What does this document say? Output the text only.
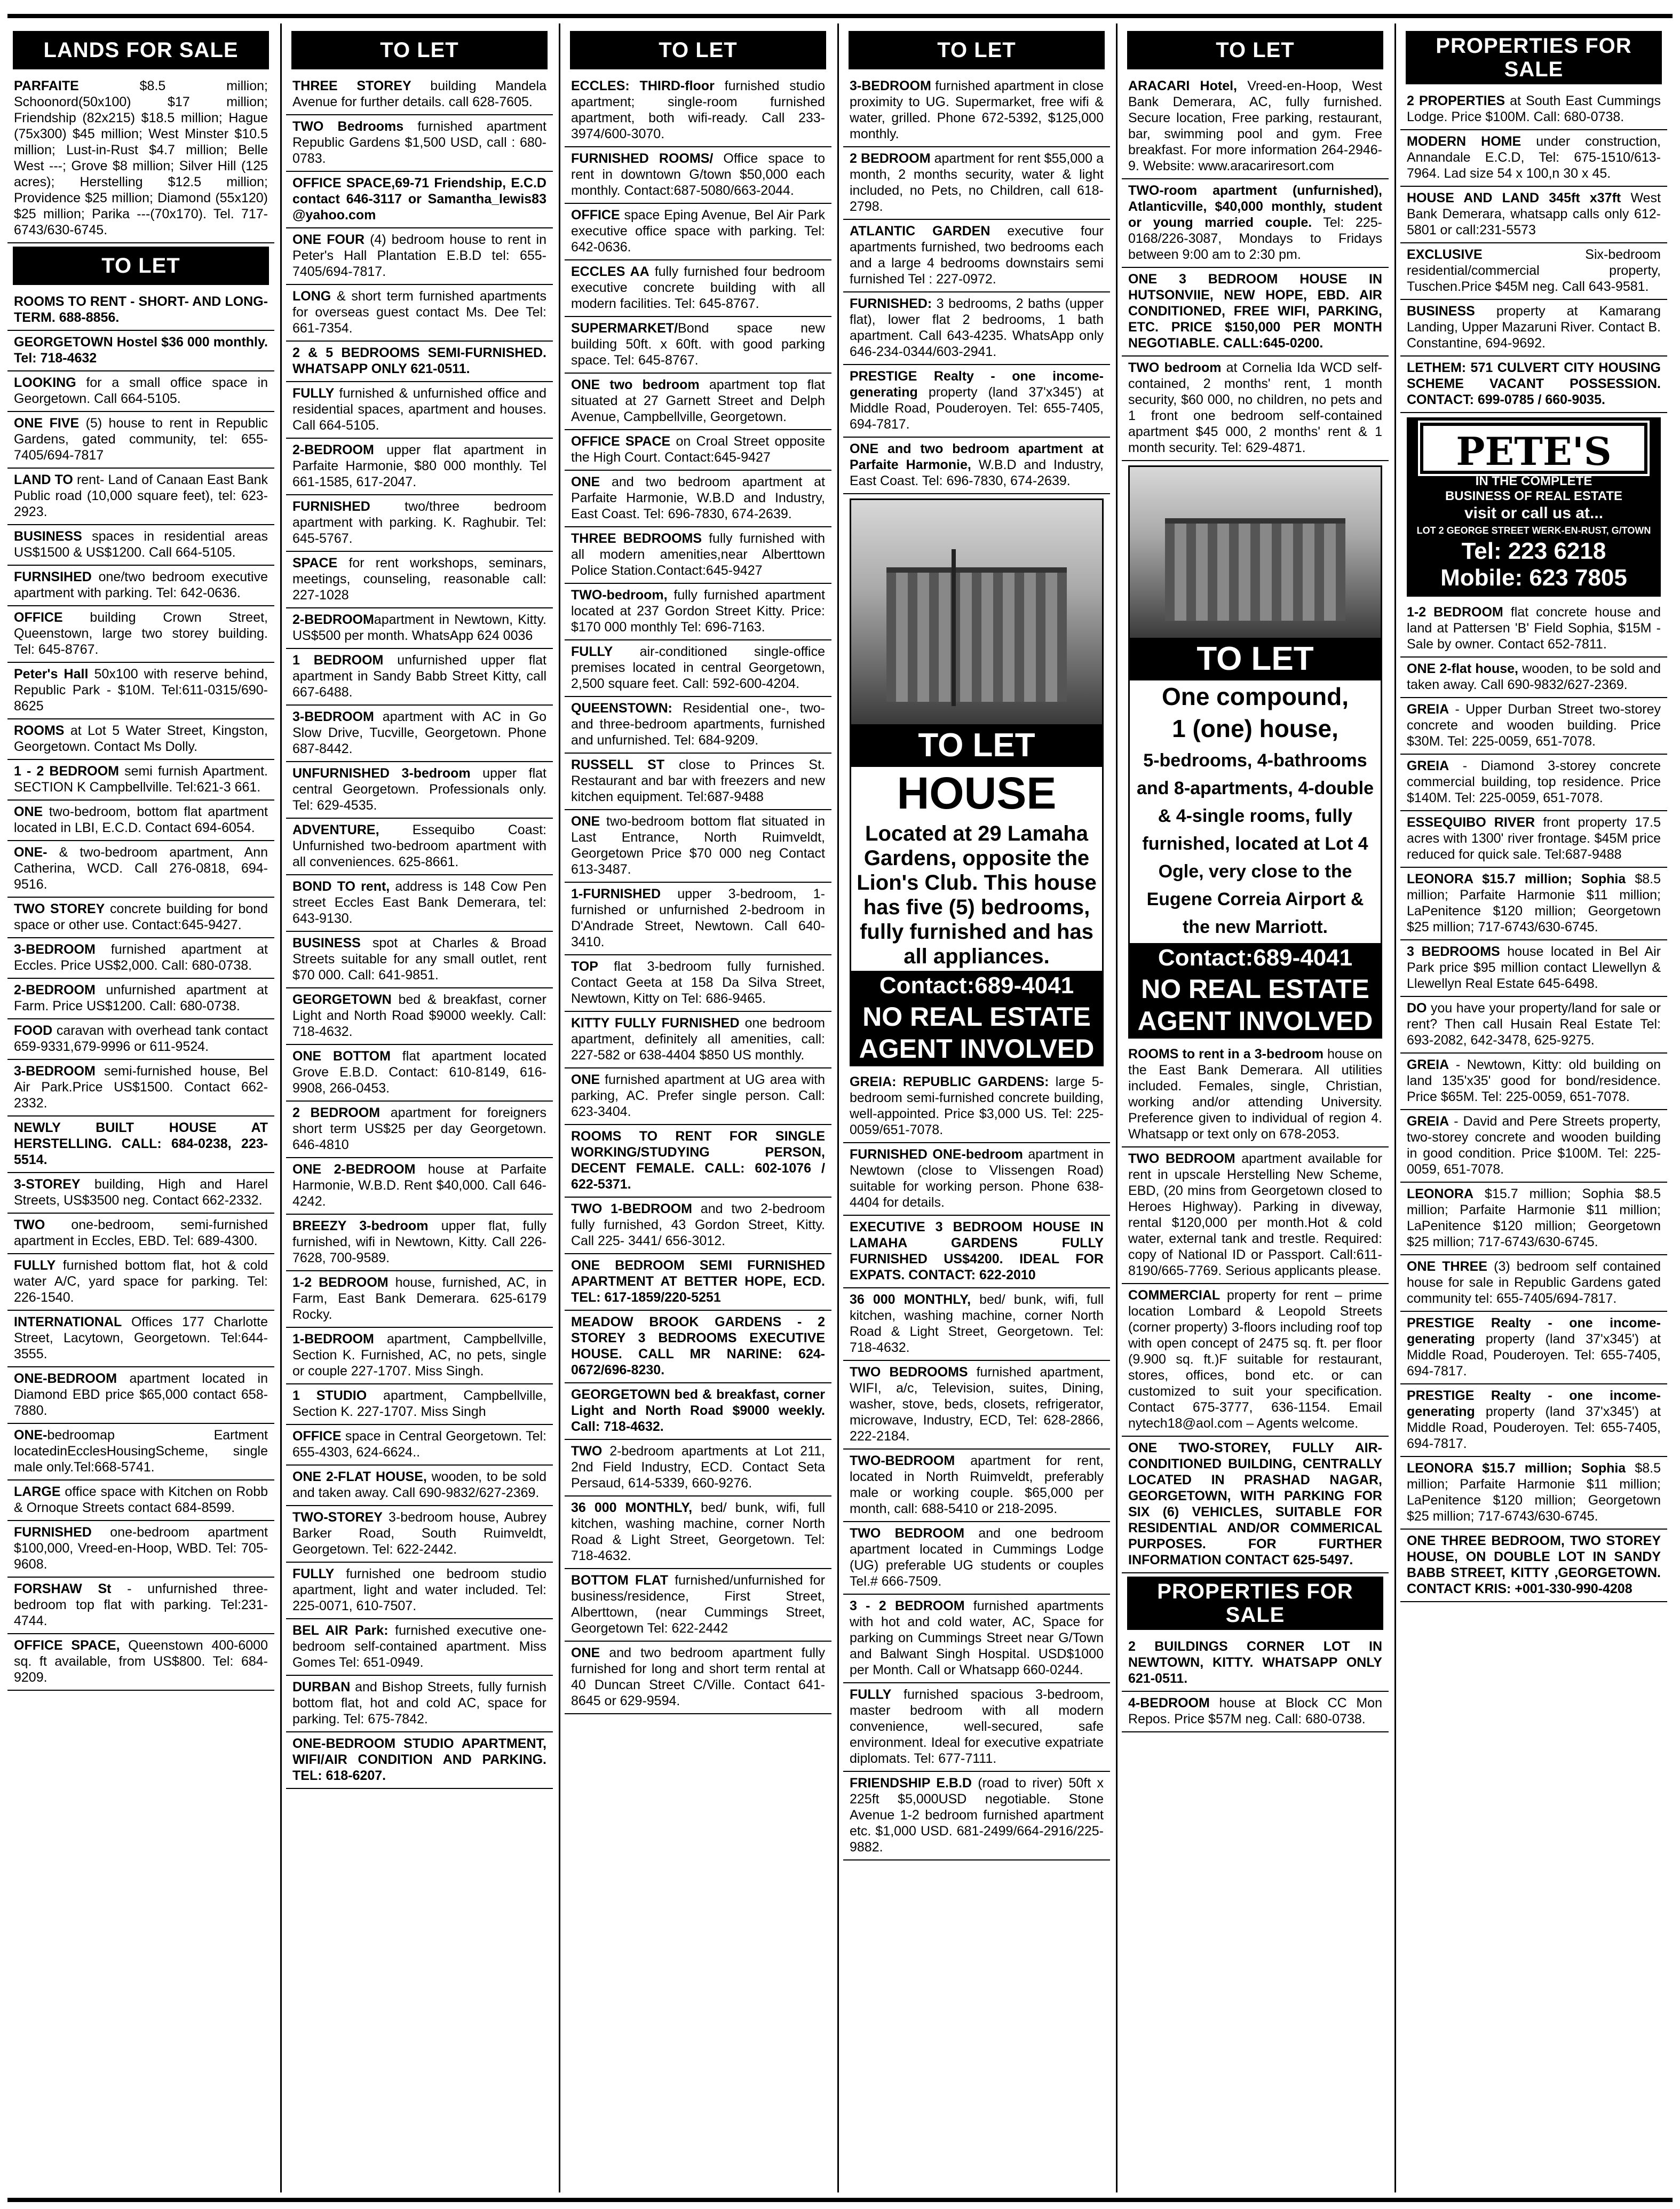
LANDS FOR SALE
PARFAITE $8.5 million; Schoonord(50x100) $17 million; Friendship (82x215) $18.5 million; Hague (75x300) $45 million; West Minster $10.5 million; Lust-in-Rust $4.7 million; Belle West ---; Grove $8 million; Silver Hill (125 acres); Herstelling $12.5 million; Providence $25 million; Diamond (55x120) $25 million; Parika ---(70x170). Tel. 717-6743/630-6745.
TO LET
ROOMS TO RENT - SHORT- AND LONG-TERM. 688-8856.
GEORGETOWN Hostel $36 000 monthly. Tel: 718-4632
LOOKING for a small office space in Georgetown. Call 664-5105.
ONE FIVE (5) house to rent in Republic Gardens, gated community, tel: 655-7405/694-7817
LAND TO rent- Land of Canaan East Bank Public road (10,000 square feet), tel: 623-2923.
BUSINESS spaces in residential areas US$1500 & US$1200. Call 664-5105.
FURNSIHED one/two bedroom executive apartment with parking. Tel: 642-0636.
OFFICE building Crown Street, Queenstown, large two storey building. Tel: 645-8767.
Peter's Hall 50x100 with reserve behind, Republic Park - $10M. Tel:611-0315/690-8625
ROOMS at Lot 5 Water Street, Kingston, Georgetown. Contact Ms Dolly.
1 - 2 BEDROOM semi furnish Apartment. SECTION K Campbellville. Tel:621-3 661.
ONE two-bedroom, bottom flat apartment located in LBI, E.C.D. Contact 694-6054.
ONE- & two-bedroom apartment, Ann Catherina, WCD. Call 276-0818, 694-9516.
TWO STOREY concrete building for bond space or other use. Contact:645-9427.
3-BEDROOM furnished apartment at Eccles. Price US$2,000. Call: 680-0738.
2-BEDROOM unfurnished apartment at Farm. Price US$1200. Call: 680-0738.
FOOD caravan with overhead tank contact 659-9331,679-9996 or 611-9524.
3-BEDROOM semi-furnished house, Bel Air Park.Price US$1500. Contact 662-2332.
NEWLY BUILT HOUSE AT HERSTELLING. CALL: 684-0238, 223-5514.
3-STOREY building, High and Harel Streets, US$3500 neg. Contact 662-2332.
TWO one-bedroom, semi-furnished apartment in Eccles, EBD. Tel: 689-4300.
FULLY furnished bottom flat, hot & cold water A/C, yard space for parking. Tel: 226-1540.
INTERNATIONAL Offices 177 Charlotte Street, Lacytown, Georgetown. Tel:644-3555.
ONE-BEDROOM apartment located in Diamond EBD price $65,000 contact 658-7880.
ONE-bedroomap Eartment locatedinEcclesHousingScheme, single male only.Tel:668-5741.
LARGE office space with Kitchen on Robb & Ornoque Streets contact 684-8599.
FURNISHED one-bedroom apartment $100,000, Vreed-en-Hoop, WBD. Tel: 705-9608.
FORSHAW St - unfurnished three-bedroom top flat with parking. Tel:231-4744.
OFFICE SPACE, Queenstown 400-6000 sq. ft available, from US$800. Tel: 684-9209.
TO LET
THREE STOREY building Mandela Avenue for further details. call 628-7605.
TWO Bedrooms furnished apartment Republic Gardens $1,500 USD, call : 680-0783.
OFFICE SPACE,69-71 Friendship, E.C.D contact 646-3117 or Samantha_lewis83 @yahoo.com
ONE FOUR (4) bedroom house to rent in Peter's Hall Plantation E.B.D tel: 655-7405/694-7817.
LONG & short term furnished apartments for overseas guest contact Ms. Dee Tel: 661-7354.
2 & 5 BEDROOMS SEMI-FURNISHED. WHATSAPP ONLY 621-0511.
FULLY furnished & unfurnished office and residential spaces, apartment and houses. Call 664-5105.
2-BEDROOM upper flat apartment in Parfaite Harmonie, $80 000 monthly. Tel 661-1585, 617-2047.
FURNISHED two/three bedroom apartment with parking. K. Raghubir. Tel: 645-5767.
SPACE for rent workshops, seminars, meetings, counseling, reasonable call: 227-1028
2-BEDROOMapartment in Newtown, Kitty. US$500 per month. WhatsApp 624 0036
1 BEDROOM unfurnished upper flat apartment in Sandy Babb Street Kitty, call 667-6488.
3-BEDROOM apartment with AC in Go Slow Drive, Tucville, Georgetown. Phone 687-8442.
UNFURNISHED 3-bedroom upper flat central Georgetown. Professionals only. Tel: 629-4535.
ADVENTURE, Essequibo Coast: Unfurnished two-bedroom apartment with all conveniences. 625-8661.
BOND TO rent, address is 148 Cow Pen street Eccles East Bank Demerara, tel: 643-9130.
BUSINESS spot at Charles & Broad Streets suitable for any small outlet, rent $70 000. Call: 641-9851.
GEORGETOWN bed & breakfast, corner Light and North Road $9000 weekly. Call: 718-4632.
ONE BOTTOM flat apartment located Grove E.B.D. Contact: 610-8149, 616-9908, 266-0453.
2 BEDROOM apartment for foreigners short term US$25 per day Georgetown. 646-4810
ONE 2-BEDROOM house at Parfaite Harmonie, W.B.D. Rent $40,000. Call 646-4242.
BREEZY 3-bedroom upper flat, fully furnished, wifi in Newtown, Kitty. Call 226-7628, 700-9589.
1-2 BEDROOM house, furnished, AC, in Farm, East Bank Demerara. 625-6179 Rocky.
1-BEDROOM apartment, Campbellville, Section K. Furnished, AC, no pets, single or couple 227-1707. Miss Singh.
1 STUDIO apartment, Campbellville, Section K. 227-1707. Miss Singh
OFFICE space in Central Georgetown. Tel: 655-4303, 624-6624..
ONE 2-FLAT HOUSE, wooden, to be sold and taken away. Call 690-9832/627-2369.
TWO-STOREY 3-bedroom house, Aubrey Barker Road, South Ruimveldt, Georgetown. Tel: 622-2442.
FULLY furnished one bedroom studio apartment, light and water included. Tel: 225-0071, 610-7507.
BEL AIR Park: furnished executive one-bedroom self-contained apartment. Miss Gomes Tel: 651-0949.
DURBAN and Bishop Streets, fully furnish bottom flat, hot and cold AC, space for parking. Tel: 675-7842.
ONE-BEDROOM STUDIO APARTMENT, WIFI/AIR CONDITION AND PARKING. TEL: 618-6207.
TO LET
ECCLES: THIRD-floor furnished studio apartment; single-room furnished apartment, both wifi-ready. Call 233-3974/600-3070.
FURNISHED ROOMS/ Office space to rent in downtown G/town $50,000 each monthly. Contact:687-5080/663-2044.
OFFICE space Eping Avenue, Bel Air Park executive office space with parking. Tel: 642-0636.
ECCLES AA fully furnished four bedroom executive concrete building with all modern facilities. Tel: 645-8767.
SUPERMARKET/Bond space new building 50ft. x 60ft. with good parking space. Tel: 645-8767.
ONE two bedroom apartment top flat situated at 27 Garnett Street and Delph Avenue, Campbellville, Georgetown.
OFFICE SPACE on Croal Street opposite the High Court. Contact:645-9427
ONE and two bedroom apartment at Parfaite Harmonie, W.B.D and Industry, East Coast. Tel: 696-7830, 674-2639.
THREE BEDROOMS fully furnished with all modern amenities,near Alberttown Police Station.Contact:645-9427
TWO-bedroom, fully furnished apartment located at 237 Gordon Street Kitty. Price: $170 000 monthly Tel: 696-7163.
FULLY air-conditioned single-office premises located in central Georgetown, 2,500 square feet. Call: 592-600-4204.
QUEENSTOWN: Residential one-, two- and three-bedroom apartments, furnished and unfurnished. Tel: 684-9209.
RUSSELL ST close to Princes St. Restaurant and bar with freezers and new kitchen equipment. Tel:687-9488
ONE two-bedroom bottom flat situated in Last Entrance, North Ruimveldt, Georgetown Price $70 000 neg Contact 613-3487.
1-FURNISHED upper 3-bedroom, 1-furnished or unfurnished 2-bedroom in D'Andrade Street, Newtown. Call 640-3410.
TOP flat 3-bedroom fully furnished. Contact Geeta at 158 Da Silva Street, Newtown, Kitty on Tel: 686-9465.
KITTY FULLY FURNISHED one bedroom apartment, definitely all amenities, call: 227-582 or 638-4404 $850 US monthly.
ONE furnished apartment at UG area with parking, AC. Prefer single person. Call: 623-3404.
ROOMS TO RENT FOR SINGLE WORKING/STUDYING PERSON, DECENT FEMALE. CALL: 602-1076 / 622-5371.
TWO 1-BEDROOM and two 2-bedroom fully furnished, 43 Gordon Street, Kitty. Call 225- 3441/ 656-3012.
ONE BEDROOM SEMI FURNISHED APARTMENT AT BETTER HOPE, ECD. TEL: 617-1859/220-5251
MEADOW BROOK GARDENS - 2 STOREY 3 BEDROOMS EXECUTIVE HOUSE. CALL MR NARINE: 624-0672/696-8230.
GEORGETOWN bed & breakfast, corner Light and North Road $9000 weekly. Call: 718-4632.
TWO 2-bedroom apartments at Lot 211, 2nd Field Industry, ECD. Contact Seta Persaud, 614-5339, 660-9276.
36 000 MONTHLY, bed/ bunk, wifi, full kitchen, washing machine, corner North Road & Light Street, Georgetown. Tel: 718-4632.
BOTTOM FLAT furnished/unfurnished for business/residence, First Street, Alberttown, (near Cummings Street, Georgetown Tel: 622-2442
ONE and two bedroom apartment fully furnished for long and short term rental at 40 Duncan Street C/Ville. Contact 641-8645 or 629-9594.
TO LET
3-BEDROOM furnished apartment in close proximity to UG. Supermarket, free wifi & water, grilled. Phone 672-5392, $125,000 monthly.
2 BEDROOM apartment for rent $55,000 a month, 2 months security, water & light included, no Pets, no Children, call 618-2798.
ATLANTIC GARDEN executive four apartments furnished, two bedrooms each and a large 4 bedrooms downstairs semi furnished Tel : 227-0972.
FURNISHED: 3 bedrooms, 2 baths (upper flat), lower flat 2 bedrooms, 1 bath apartment. Call 643-4235. WhatsApp only 646-234-0344/603-2941.
PRESTIGE Realty - one income-generating property (land 37'x345') at Middle Road, Pouderoyen. Tel: 655-7405, 694-7817.
ONE and two bedroom apartment at Parfaite Harmonie, W.B.D and Industry, East Coast. Tel: 696-7830, 674-2639.
TO LET
HOUSE
Located at 29 Lamaha Gardens, opposite the Lion's Club. This house has five (5) bedrooms, fully furnished and has all appliances.
Contact:689-4041
NO REAL ESTATE AGENT INVOLVED
GREIA: REPUBLIC GARDENS: large 5-bedroom semi-furnished concrete building, well-appointed. Price $3,000 US. Tel: 225-0059/651-7078.
FURNISHED ONE-bedroom apartment in Newtown (close to Vlissengen Road) suitable for working person. Phone 638-4404 for details.
EXECUTIVE 3 BEDROOM HOUSE IN LAMAHA GARDENS FULLY FURNISHED US$4200. IDEAL FOR EXPATS. CONTACT: 622-2010
36 000 MONTHLY, bed/ bunk, wifi, full kitchen, washing machine, corner North Road & Light Street, Georgetown. Tel: 718-4632.
TWO BEDROOMS furnished apartment, WIFI, a/c, Television, suites, Dining, washer, stove, beds, closets, refrigerator, microwave, Industry, ECD, Tel: 628-2866, 222-2184.
TWO-BEDROOM apartment for rent, located in North Ruimveldt, preferably male or working couple. $65,000 per month, call: 688-5410 or 218-2095.
TWO BEDROOM and one bedroom apartment located in Cummings Lodge (UG) preferable UG students or couples Tel.# 666-7509.
3 - 2 BEDROOM furnished apartments with hot and cold water, AC, Space for parking on Cummings Street near G/Town and Balwant Singh Hospital. USD$1000 per Month. Call or Whatsapp 660-0244.
FULLY furnished spacious 3-bedroom, master bedroom with all modern convenience, well-secured, safe environment. Ideal for executive expatriate diplomats. Tel: 677-7111.
FRIENDSHIP E.B.D (road to river) 50ft x 225ft $5,000USD negotiable. Stone Avenue 1-2 bedroom furnished apartment etc. $1,000 USD. 681-2499/664-2916/225-9882.
TO LET
ARACARI Hotel, Vreed-en-Hoop, West Bank Demerara, AC, fully furnished. Secure location, Free parking, restaurant, bar, swimming pool and gym. Free breakfast. For more information 264-2946-9. Website: www.aracariresort.com
TWO-room apartment (unfurnished), Atlanticville, $40,000 monthly, student or young married couple. Tel: 225-0168/226-3087, Mondays to Fridays between 9:00 am to 2:30 pm.
ONE 3 BEDROOM HOUSE IN HUTSONVIIE, NEW HOPE, EBD. AIR CONDITIONED, FREE WIFI, PARKING, ETC. PRICE $150,000 PER MONTH NEGOTIABLE. CALL:645-0200.
TWO bedroom at Cornelia Ida WCD self-contained, 2 months' rent, 1 month security, $60 000, no children, no pets and 1 front one bedroom self-contained apartment $45 000, 2 months' rent & 1 month security. Tel: 629-4871.
TO LET
One compound,
1 (one) house,
5-bedrooms, 4-bathrooms and 8-apartments, 4-double & 4-single rooms, fully furnished, located at Lot 4 Ogle, very close to the Eugene Correia Airport & the new Marriott.
Contact:689-4041
NO REAL ESTATE AGENT INVOLVED
ROOMS to rent in a 3-bedroom house on the East Bank Demerara. All utilities included. Females, single, Christian, working and/or attending University. Preference given to individual of region 4. Whatsapp or text only on 678-2053.
TWO BEDROOM apartment available for rent in upscale Herstelling New Scheme, EBD, (20 mins from Georgetown closed to Heroes Highway). Parking in diveway, rental $120,000 per month.Hot & cold water, external tank and trestle. Required: copy of National ID or Passport. Call:611-8190/665-7769. Serious applicants please.
COMMERCIAL property for rent – prime location Lombard & Leopold Streets (corner property) 3-floors including roof top with open concept of 2475 sq. ft. per floor (9.900 sq. ft.)F suitable for restaurant, stores, offices, bond etc. or can customized to suit your specification. Contact 675-3777, 636-1154. Email nytech18@aol.com – Agents welcome.
ONE TWO-STOREY, FULLY AIR-CONDITIONED BUILDING, CENTRALLY LOCATED IN PRASHAD NAGAR, GEORGETOWN, WITH PARKING FOR SIX (6) VEHICLES, SUITABLE FOR RESIDENTIAL AND/OR COMMERICAL PURPOSES. FOR FURTHER INFORMATION CONTACT 625-5497.
PROPERTIES FOR SALE
2 BUILDINGS CORNER LOT IN NEWTOWN, KITTY. WHATSAPP ONLY 621-0511.
4-BEDROOM house at Block CC Mon Repos. Price $57M neg. Call: 680-0738.
PROPERTIES FOR SALE
2 PROPERTIES at South East Cummings Lodge. Price $100M. Call: 680-0738.
MODERN HOME under construction, Annandale E.C.D, Tel: 675-1510/613-7964. Lad size 54 x 100,n 30 x 45.
HOUSE AND LAND 345ft x37ft West Bank Demerara, whatsapp calls only 612-5801 or call:231-5573
EXCLUSIVE Six-bedroom residential/commercial property, Tuschen.Price $45M neg. Call 643-9581.
BUSINESS property at Kamarang Landing, Upper Mazaruni River. Contact B. Constantine, 694-9692.
LETHEM: 571 CULVERT CITY HOUSING SCHEME VACANT POSSESSION. CONTACT: 699-0785 / 660-9035.
PETE'S
IN THE COMPLETE
BUSINESS OF REAL ESTATE
visit or call us at...
LOT 2 GEORGE STREET WERK-EN-RUST, G/TOWN
Tel: 223 6218
Mobile: 623 7805
1-2 BEDROOM flat concrete house and land at Pattersen 'B' Field Sophia, $15M - Sale by owner. Contact 652-7811.
ONE 2-flat house, wooden, to be sold and taken away. Call 690-9832/627-2369.
GREIA - Upper Durban Street two-storey concrete and wooden building. Price $30M. Tel: 225-0059, 651-7078.
GREIA - Diamond 3-storey concrete commercial building, top residence. Price $140M. Tel: 225-0059, 651-7078.
ESSEQUIBO RIVER front property 17.5 acres with 1300' river frontage. $45M price reduced for quick sale. Tel:687-9488
LEONORA $15.7 million; Sophia $8.5 million; Parfaite Harmonie $11 million; LaPenitence $120 million; Georgetown $25 million; 717-6743/630-6745.
3 BEDROOMS house located in Bel Air Park price $95 million contact Llewellyn & Llewellyn Real Estate 645-6498.
DO you have your property/land for sale or rent? Then call Husain Real Estate Tel: 693-2082, 642-3478, 625-9275.
GREIA - Newtown, Kitty: old building on land 135'x35' good for bond/residence. Price $65M. Tel: 225-0059, 651-7078.
GREIA - David and Pere Streets property, two-storey concrete and wooden building in good condition. Price $100M. Tel: 225-0059, 651-7078.
LEONORA $15.7 million; Sophia $8.5 million; Parfaite Harmonie $11 million; LaPenitence $120 million; Georgetown $25 million; 717-6743/630-6745.
ONE THREE (3) bedroom self contained house for sale in Republic Gardens gated community tel: 655-7405/694-7817.
PRESTIGE Realty - one income-generating property (land 37'x345') at Middle Road, Pouderoyen. Tel: 655-7405, 694-7817.
PRESTIGE Realty - one income-generating property (land 37'x345') at Middle Road, Pouderoyen. Tel: 655-7405, 694-7817.
LEONORA $15.7 million; Sophia $8.5 million; Parfaite Harmonie $11 million; LaPenitence $120 million; Georgetown $25 million; 717-6743/630-6745.
ONE THREE BEDROOM, TWO STOREY HOUSE, ON DOUBLE LOT IN SANDY BABB STREET, KITTY ,GEORGETOWN. CONTACT KRIS: +001-330-990-4208
